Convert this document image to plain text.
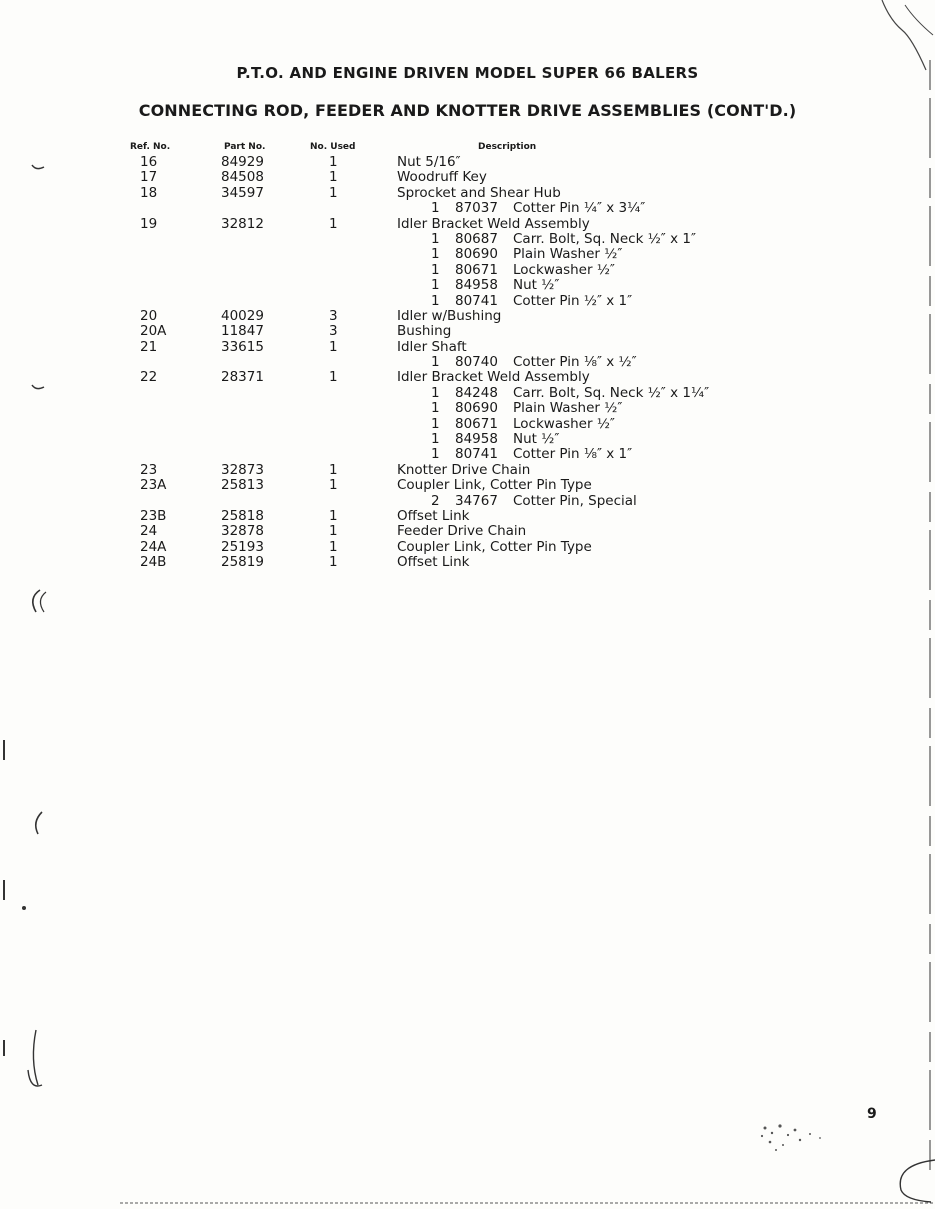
P.T.O. AND ENGINE DRIVEN MODEL SUPER 66 BALERS
CONNECTING ROD, FEEDER AND KNOTTER DRIVE ASSEMBLIES (CONT'D.)
Ref. No.	Part No.	No. Used	Description
16	84929	1	Nut 5/16″
17	84508	1	Woodruff Key
18	34597	1	Sprocket and Shear Hub
1 87037 Cotter Pin ¼″ x 3¼″
19	32812	1	Idler Bracket Weld Assembly
1 80687 Carr. Bolt, Sq. Neck ½″ x 1″
1 80690 Plain Washer ½″
1 80671 Lockwasher ½″
1 84958 Nut ½″
1 80741 Cotter Pin ½″ x 1″
20	40029	3	Idler w/Bushing
20A	11847	3	Bushing
21	33615	1	Idler Shaft
1 80740 Cotter Pin ⅛″ x ½″
22	28371	1	Idler Bracket Weld Assembly
1 84248 Carr. Bolt, Sq. Neck ½″ x 1¼″
1 80690 Plain Washer ½″
1 80671 Lockwasher ½″
1 84958 Nut ½″
1 80741 Cotter Pin ⅛″ x 1″
23	32873	1	Knotter Drive Chain
23A	25813	1	Coupler Link, Cotter Pin Type
2 34767 Cotter Pin, Special
23B	25818	1	Offset Link
24	32878	1	Feeder Drive Chain
24A	25193	1	Coupler Link, Cotter Pin Type
24B	25819	1	Offset Link
9
